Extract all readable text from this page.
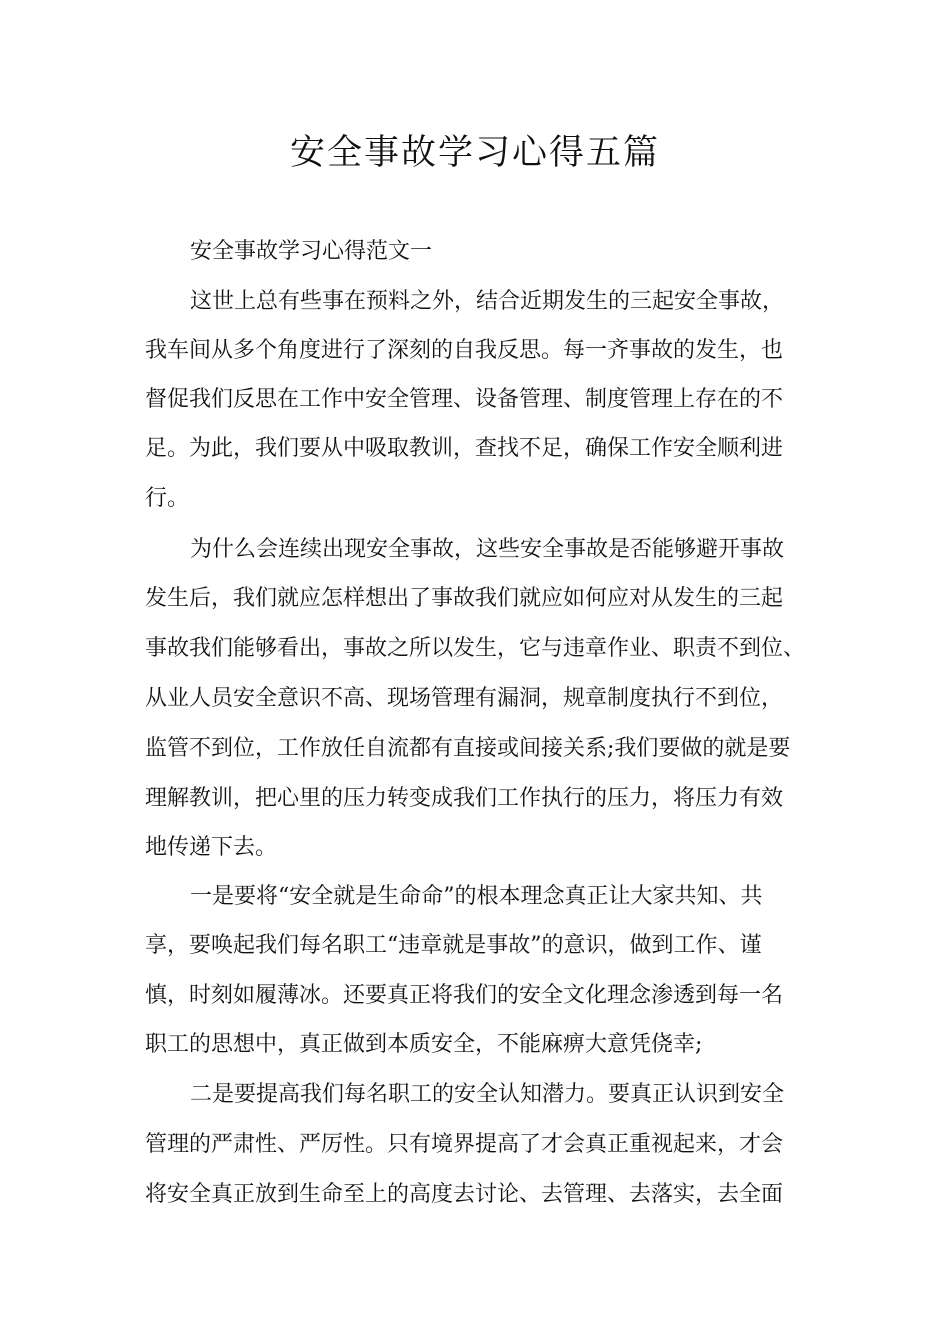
安全事故学习心得五篇

安全事故学习心得范文一

这世上总有些事在预料之外，结合近期发生的三起安全事故，

我车间从多个角度进行了深刻的自我反思。每一齐事故的发生，也

督促我们反思在工作中安全管理、设备管理、制度管理上存在的不

足。为此，我们要从中吸取教训，查找不足，确保工作安全顺利进

行。

为什么会连续出现安全事故，这些安全事故是否能够避开事故

发生后，我们就应怎样想出了事故我们就应如何应对从发生的三起

事故我们能够看出，事故之所以发生，它与违章作业、职责不到位、

从业人员安全意识不高、现场管理有漏洞，规章制度执行不到位，

监管不到位，工作放任自流都有直接或间接关系;我们要做的就是要

理解教训，把心里的压力转变成我们工作执行的压力，将压力有效

地传递下去。

一是要将“安全就是生命命”的根本理念真正让大家共知、共

享，要唤起我们每名职工“违章就是事故”的意识，做到工作、谨

慎，时刻如履薄冰。还要真正将我们的安全文化理念渗透到每一名

职工的思想中，真正做到本质安全，不能麻痹大意凭侥幸;

二是要提高我们每名职工的安全认知潜力。要真正认识到安全

管理的严肃性、严厉性。只有境界提高了才会真正重视起来，才会

将安全真正放到生命至上的高度去讨论、去管理、去落实，去全面
